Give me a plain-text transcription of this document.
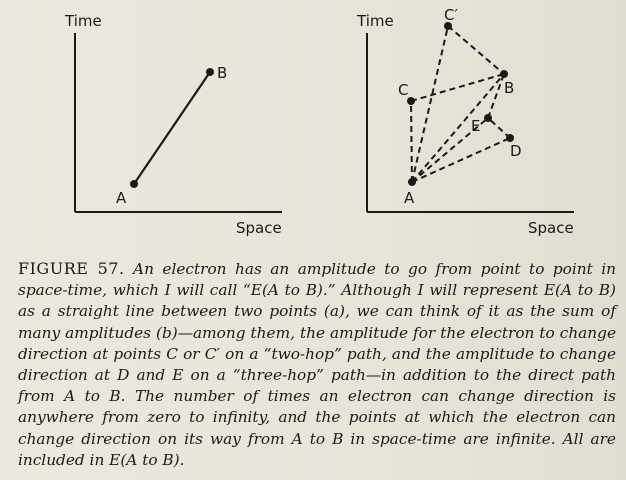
Time
Space
A
B
Time
Space
A
B
C
C′
E
D
FIGURE 57. An electron has an amplitude to go from point to point in space-time, which I will call “E(A to B).” Although I will represent E(A to B) as a straight line between two points (a), we can think of it as the sum of many amplitudes (b)—among them, the amplitude for the electron to change direction at points C or C′ on a “two-hop” path, and the amplitude to change direction at D and E on a “three-hop” path—in addition to the direct path from A to B. The number of times an electron can change direction is anywhere from zero to infinity, and the points at which the electron can change direction on its way from A to B in space-time are infinite. All are included in E(A to B).
